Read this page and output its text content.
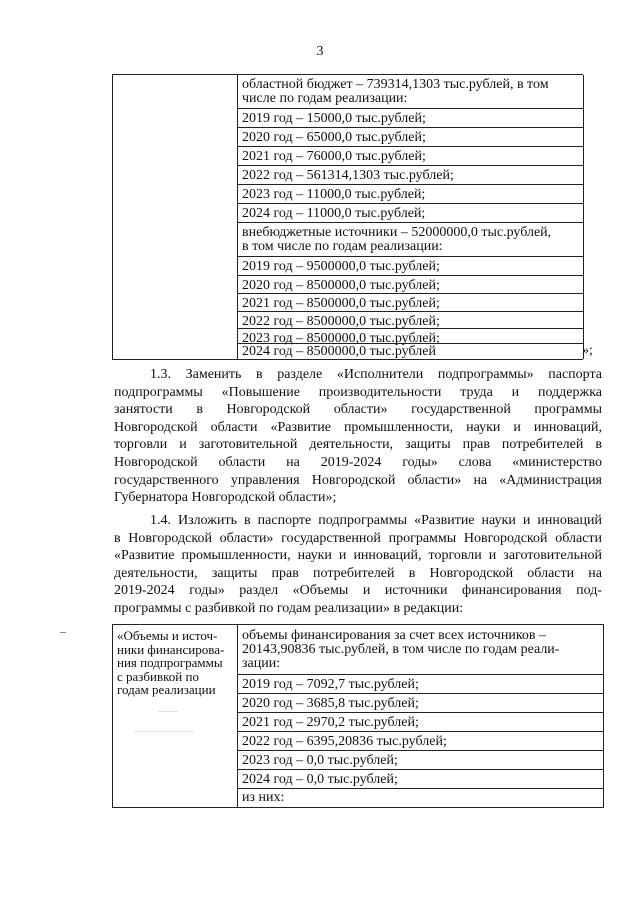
3
областной бюджет – 739314,1303 тыс.рублей, в том
числе по годам реализации:
2019 год – 15000,0 тыс.рублей;
2020 год – 65000,0 тыс.рублей;
2021 год – 76000,0 тыс.рублей;
2022 год – 561314,1303 тыс.рублей;
2023 год – 11000,0 тыс.рублей;
2024 год – 11000,0 тыс.рублей;
внебюджетные источники – 52000000,0 тыс.рублей,
в том числе по годам реализации:
2019 год – 9500000,0 тыс.рублей;
2020 год – 8500000,0 тыс.рублей;
2021 год – 8500000,0 тыс.рублей;
2022 год – 8500000,0 тыс.рублей;
2023 год – 8500000,0 тыс.рублей;
2024 год – 8500000,0 тыс.рублей	»;
1.3. Заменить в разделе «Исполнители подпрограммы» паспорта
подпрограммы «Повышение производительности труда и поддержка
занятости в Новгородской области» государственной программы
Новгородской области «Развитие промышленности, науки и инноваций,
торговли и заготовительной деятельности, защиты прав потребителей в
Новгородской области на 2019-2024 годы» слова «министерство
государственного управления Новгородской области» на «Администрация
Губернатора Новгородской области»;
1.4. Изложить в паспорте подпрограммы «Развитие науки и инноваций
в Новгородской области» государственной программы Новгородской области
«Развитие промышленности, науки и инноваций, торговли и заготовительной
деятельности, защиты прав потребителей в Новгородской области на
2019-2024 годы» раздел «Объемы и источники финансирования под-
программы с разбивкой по годам реализации» в редакции:
«Объемы и источ-
ники финансирова-
ния подпрограммы
с разбивкой по
годам реализации
объемы финансирования за счет всех источников –
20143,90836 тыс.рублей, в том числе по годам реали-
зации:
2019 год – 7092,7 тыс.рублей;
2020 год – 3685,8 тыс.рублей;
2021 год – 2970,2 тыс.рублей;
2022 год – 6395,20836 тыс.рублей;
2023 год – 0,0 тыс.рублей;
2024 год – 0,0 тыс.рублей;
из них:
